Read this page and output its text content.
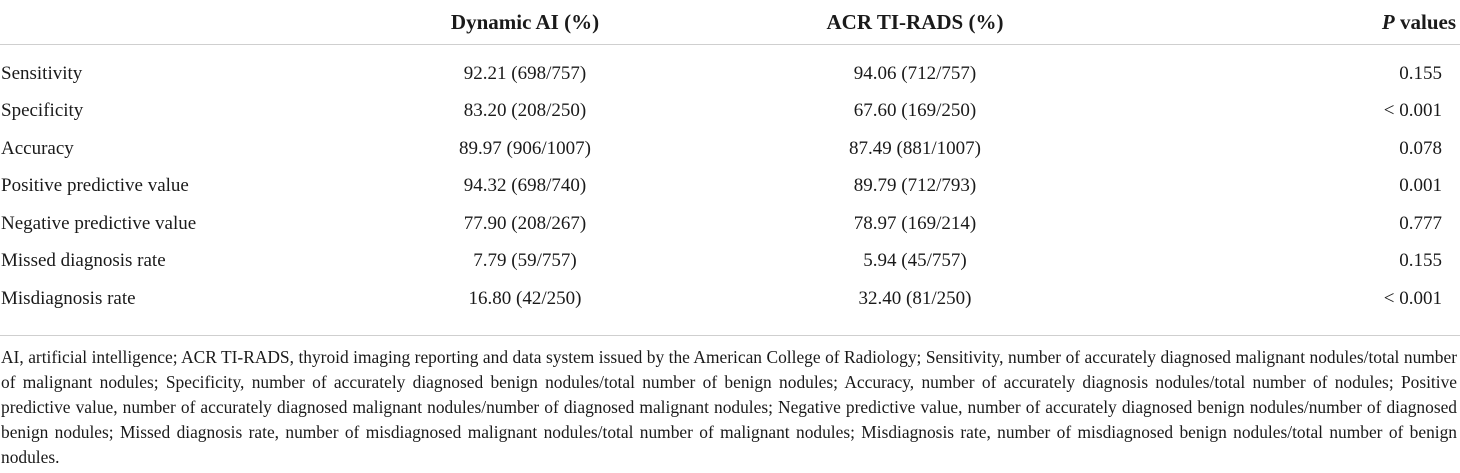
	Dynamic AI (%)	ACR TI-RADS (%)	P values
Sensitivity	92.21 (698/757)	94.06 (712/757)	0.155
Specificity	83.20 (208/250)	67.60 (169/250)	< 0.001
Accuracy	89.97 (906/1007)	87.49 (881/1007)	0.078
Positive predictive value	94.32 (698/740)	89.79 (712/793)	0.001
Negative predictive value	77.90 (208/267)	78.97 (169/214)	0.777
Missed diagnosis rate	7.79 (59/757)	5.94 (45/757)	0.155
Misdiagnosis rate	16.80 (42/250)	32.40 (81/250)	< 0.001
AI, artificial intelligence; ACR TI-RADS, thyroid imaging reporting and data system issued by the American College of Radiology; Sensitivity, number of accurately diagnosed malignant nodules/total number of malignant nodules; Specificity, number of accurately diagnosed benign nodules/total number of benign nodules; Accuracy, number of accurately diagnosis nodules/total number of nodules; Positive predictive value, number of accurately diagnosed malignant nodules/number of diagnosed malignant nodules; Negative predictive value, number of accurately diagnosed benign nodules/number of diagnosed benign nodules; Missed diagnosis rate, number of misdiagnosed malignant nodules/total number of malignant nodules; Misdiagnosis rate, number of misdiagnosed benign nodules/total number of benign nodules.
